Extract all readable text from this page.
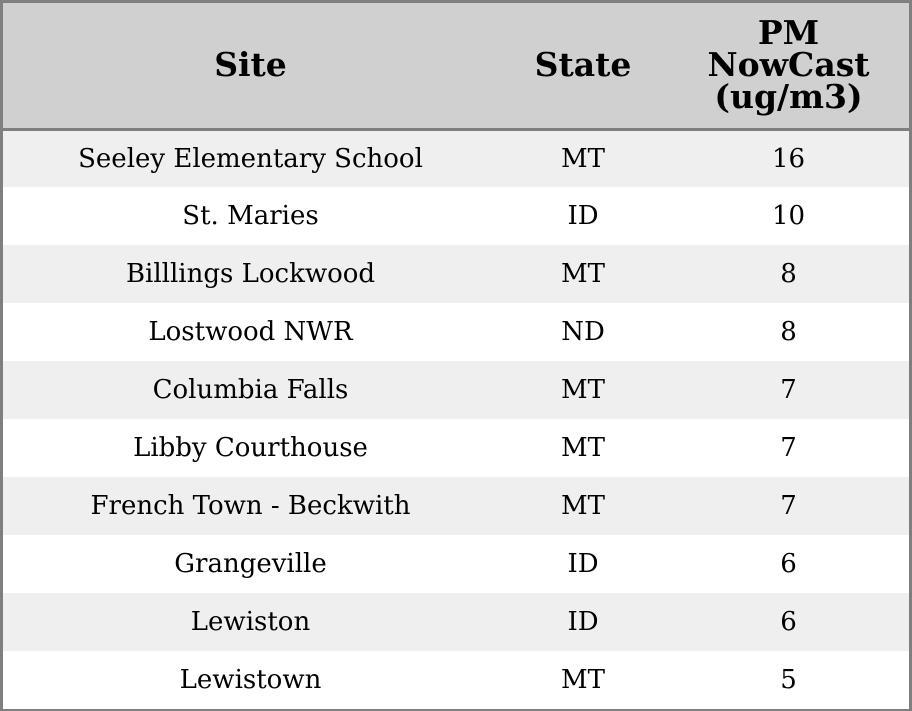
Site	State	PM
NowCast
(ug/m3)

Seeley Elementary School	MT	16
St. Maries	ID	10
Billlings Lockwood	MT	8
Lostwood NWR	ND	8
Columbia Falls	MT	7
Libby Courthouse	MT	7
French Town - Beckwith	MT	7
Grangeville	ID	6
Lewiston	ID	6
Lewistown	MT	5
